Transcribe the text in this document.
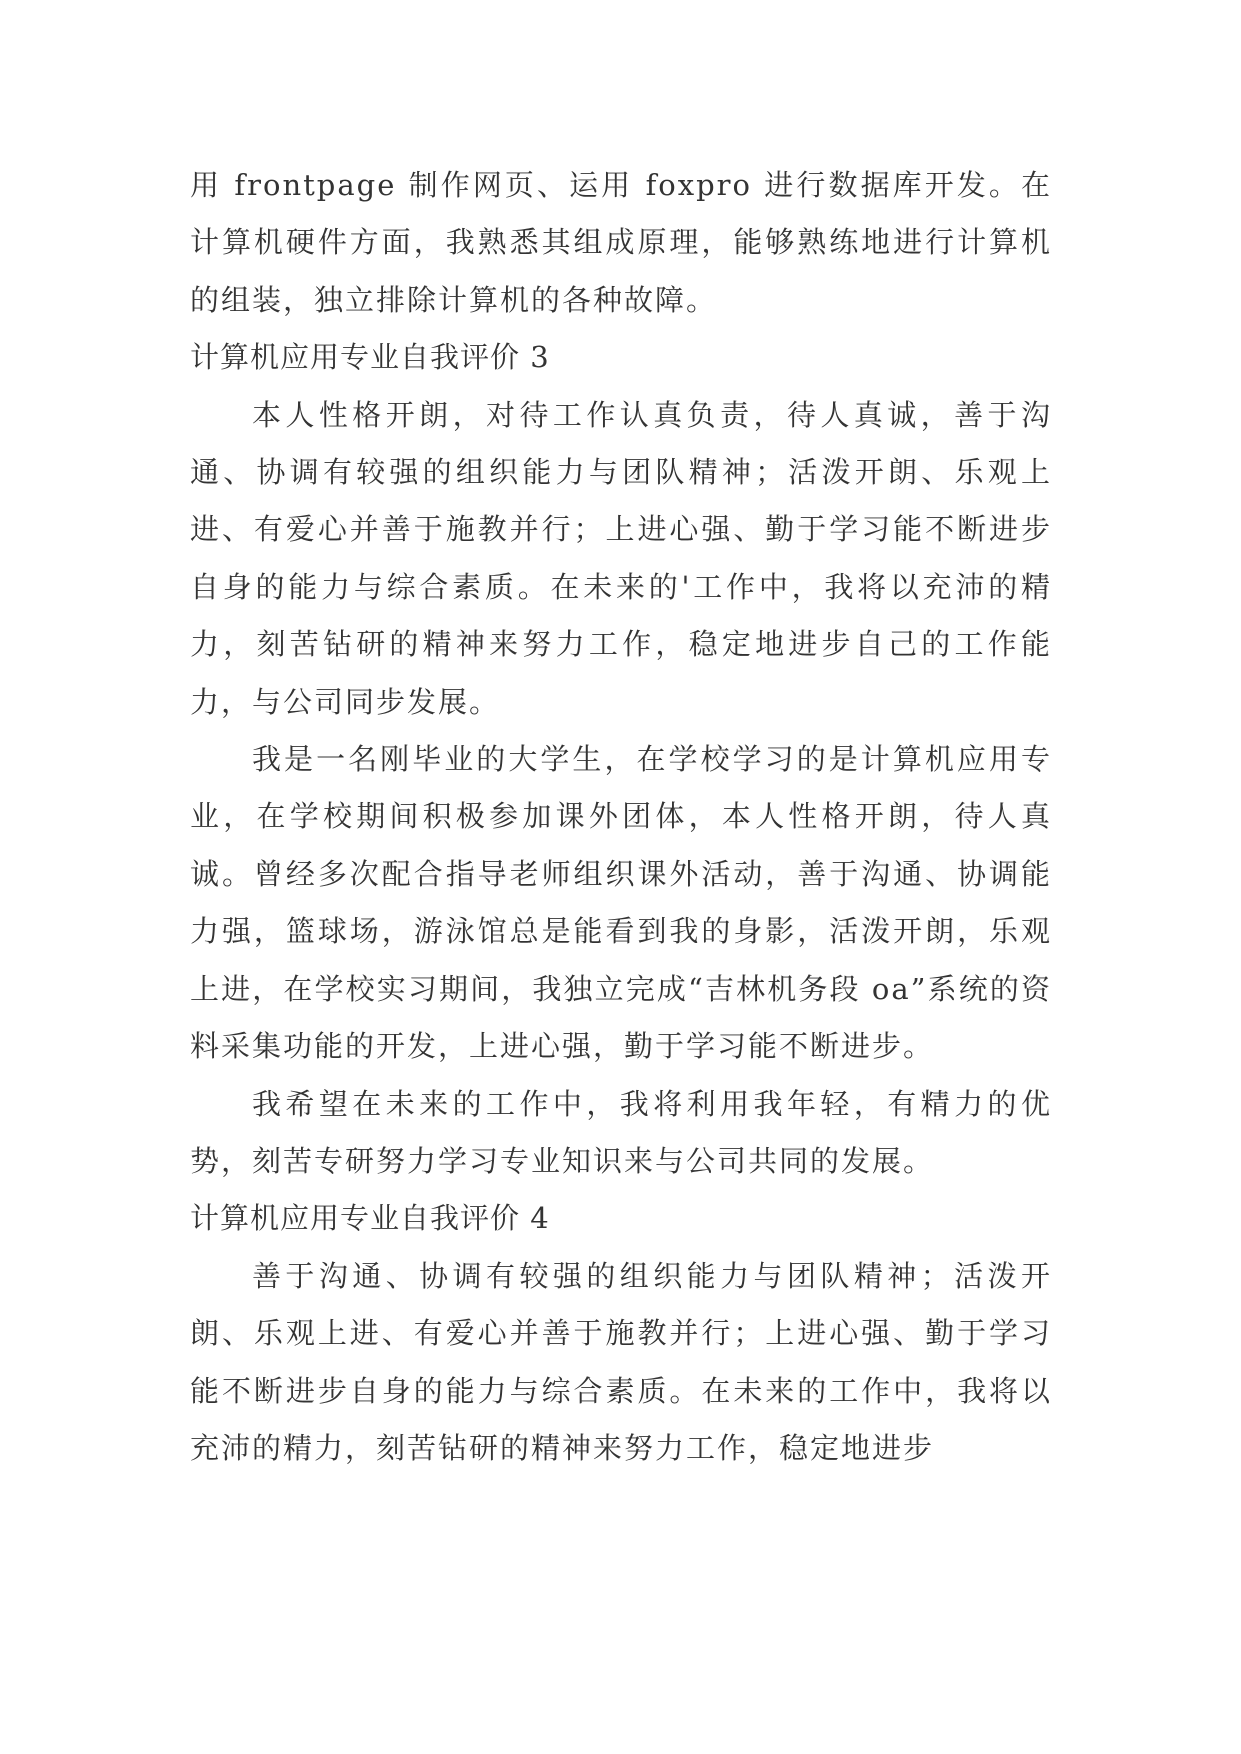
用 frontpage 制作网页、运用 foxpro 进行数据库开发。在计算机硬件方面，我熟悉其组成原理，能够熟练地进行计算机的组装，独立排除计算机的各种故障。

计算机应用专业自我评价 3

本人性格开朗，对待工作认真负责，待人真诚，善于沟通、协调有较强的组织能力与团队精神；活泼开朗、乐观上进、有爱心并善于施教并行；上进心强、勤于学习能不断进步自身的能力与综合素质。在未来的'工作中，我将以充沛的精力，刻苦钻研的精神来努力工作，稳定地进步自己的工作能力，与公司同步发展。

我是一名刚毕业的大学生，在学校学习的是计算机应用专业，在学校期间积极参加课外团体，本人性格开朗，待人真诚。曾经多次配合指导老师组织课外活动，善于沟通、协调能力强，篮球场，游泳馆总是能看到我的身影，活泼开朗，乐观上进，在学校实习期间，我独立完成“吉林机务段 oa”系统的资料采集功能的开发，上进心强，勤于学习能不断进步。

我希望在未来的工作中，我将利用我年轻，有精力的优势，刻苦专研努力学习专业知识来与公司共同的发展。

计算机应用专业自我评价 4

善于沟通、协调有较强的组织能力与团队精神；活泼开朗、乐观上进、有爱心并善于施教并行；上进心强、勤于学习能不断进步自身的能力与综合素质。在未来的工作中，我将以充沛的精力，刻苦钻研的精神来努力工作，稳定地进步
